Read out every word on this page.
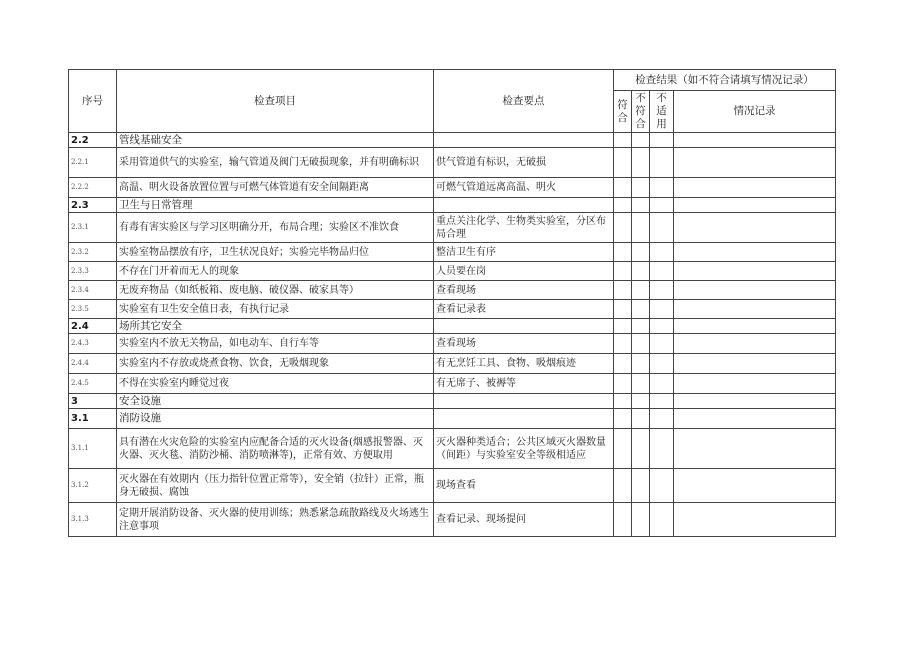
序号	检查项目	检查要点	检查结果（如不符合请填写情况记录）			
			符合	不符合	不适用	情况记录
2.2	管线基础安全					
2.2.1	采用管道供气的实验室，输气管道及阀门无破损现象，并有明确标识	供气管道有标识，无破损				
2.2.2	高温、明火设备放置位置与可燃气体管道有安全间隔距离	可燃气管道远离高温、明火				
2.3	卫生与日常管理					
2.3.1	有毒有害实验区与学习区明确分开，布局合理；实验区不准饮食	重点关注化学、生物类实验室，分区布局合理				
2.3.2	实验室物品摆放有序，卫生状况良好；实验完毕物品归位	整洁卫生有序				
2.3.3	不存在门开着而无人的现象	人员要在岗				
2.3.4	无废弃物品（如纸板箱、废电脑、破仪器、破家具等）	查看现场				
2.3.5	实验室有卫生安全值日表，有执行记录	查看记录表				
2.4	场所其它安全					
2.4.3	实验室内不放无关物品，如电动车、自行车等	查看现场				
2.4.4	实验室内不存放或烧煮食物、饮食，无吸烟现象	有无烹饪工具、食物、吸烟痕迹				
2.4.5	不得在实验室内睡觉过夜	有无席子、被褥等				
3	安全设施					
3.1	消防设施					
3.1.1	具有潜在火灾危险的实验室内应配备合适的灭火设备(烟感报警器、灭火器、灭火毯、消防沙桶、消防喷淋等)，正常有效、方便取用	灭火器种类适合；公共区域灭火器数量（间距）与实验室安全等级相适应				
3.1.2	灭火器在有效期内（压力指针位置正常等），安全销（拉针）正常，瓶身无破损、腐蚀	现场查看				
3.1.3	定期开展消防设备、灭火器的使用训练；熟悉紧急疏散路线及火场逃生注意事项	查看记录、现场提问				
